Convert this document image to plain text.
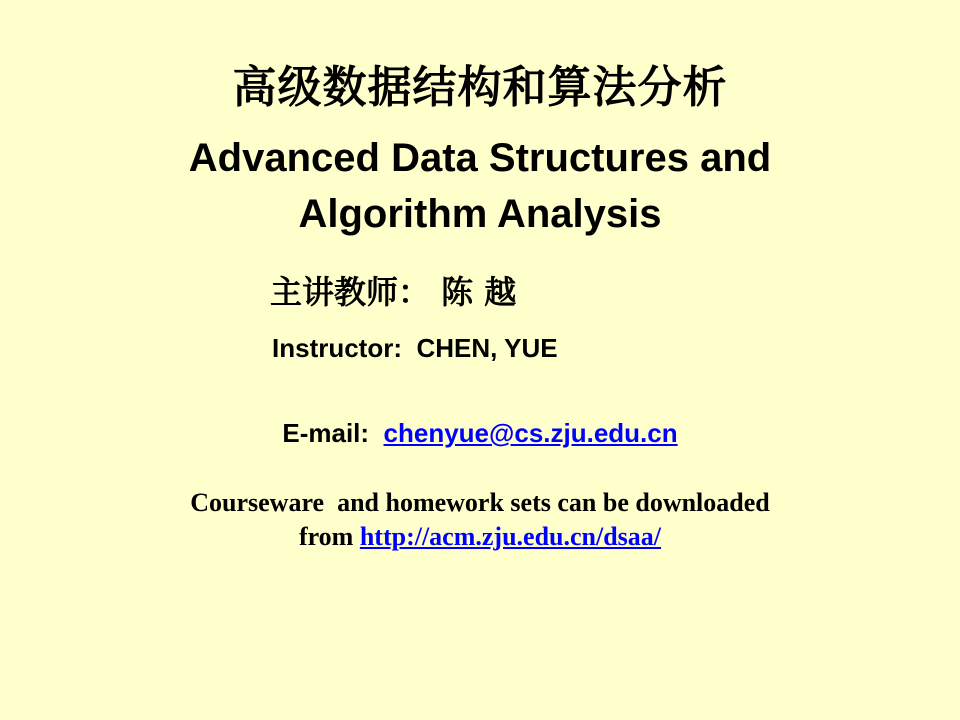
高级数据结构和算法分析
Advanced Data Structures and Algorithm Analysis
主讲教师： 陈 越
Instructor:  CHEN, YUE
E-mail:  chenyue@cs.zju.edu.cn
Courseware  and homework sets can be downloaded
from http://acm.zju.edu.cn/dsaa/
